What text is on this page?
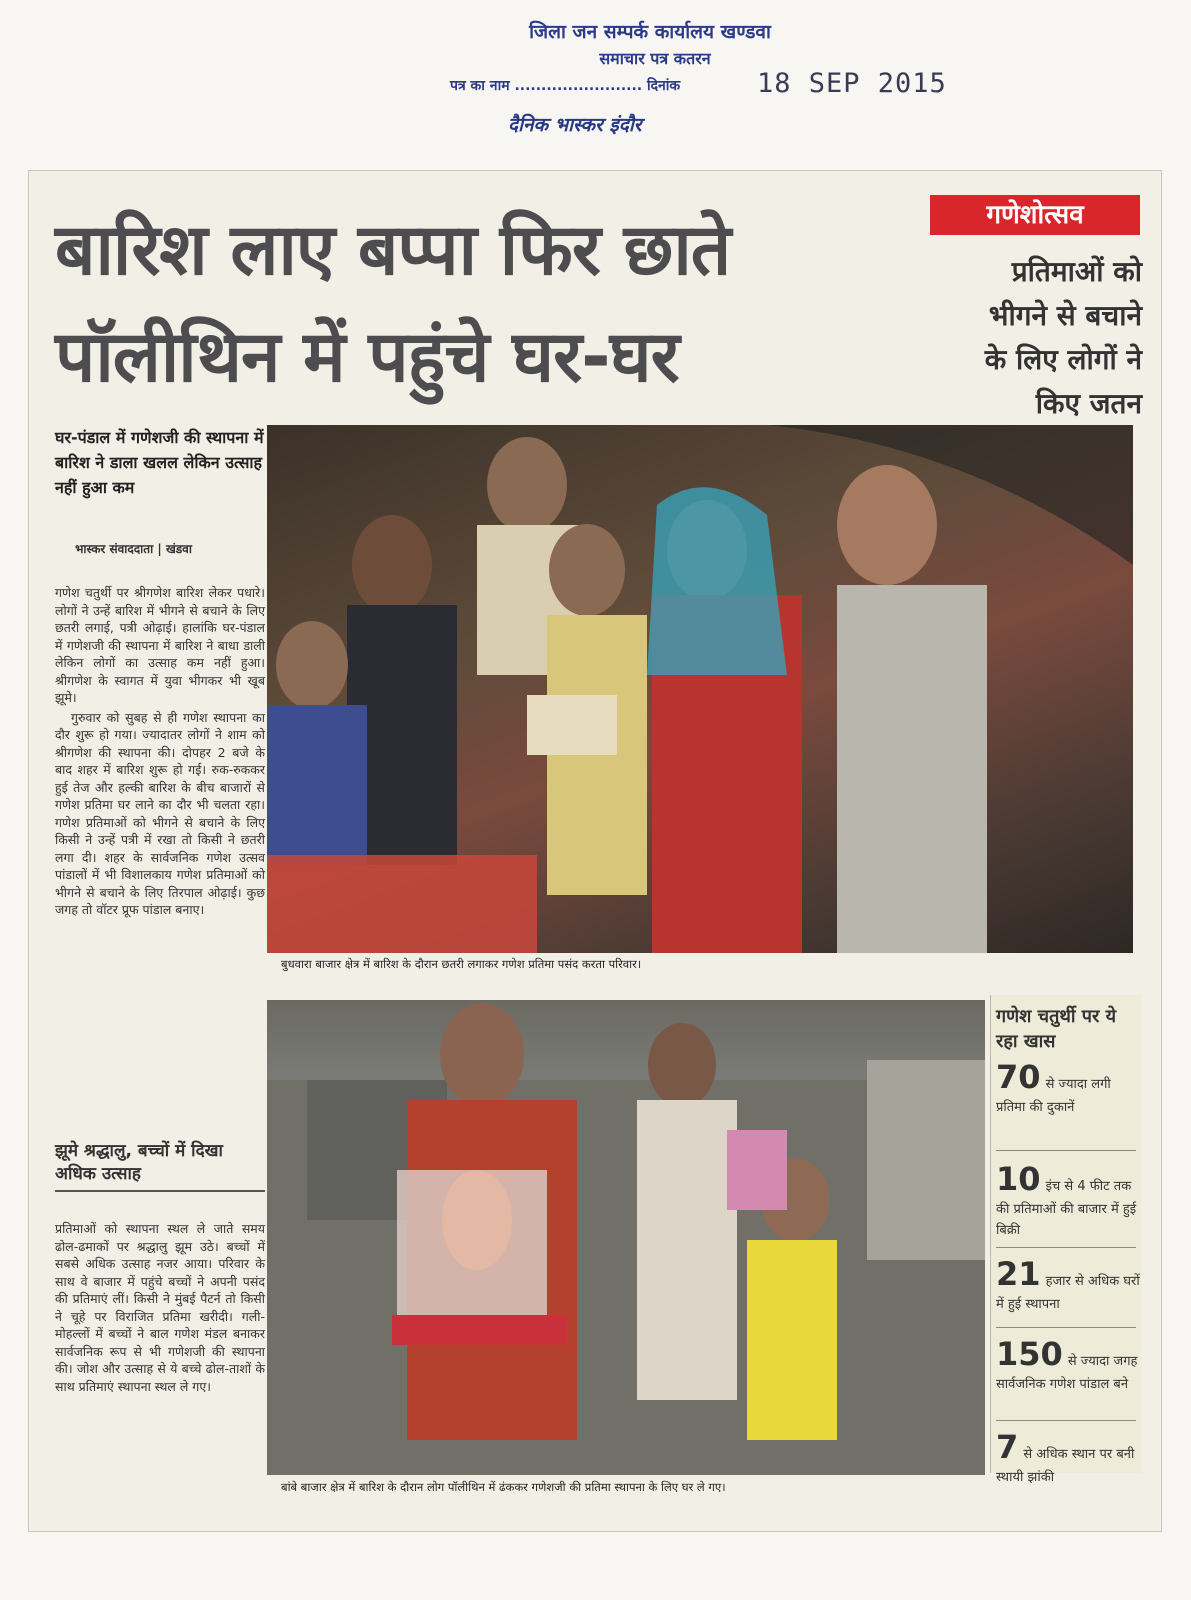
जिला जन सम्पर्क कार्यालय खण्डवा
समाचार पत्र कतरन
पत्र का नाम ........................ दिनांक	18 SEP 2015
दैनिक भास्कर इंदौर
बारिश लाए बप्पा फिर छाते
पॉलीथिन में पहुंचे घर-घर
गणेशोत्सव
प्रतिमाओं को
भीगने से बचाने
के लिए लोगों ने
किए जतन
घर-पंडाल में गणेशजी की स्थापना में बारिश ने डाला खलल लेकिन उत्साह नहीं हुआ कम
भास्कर संवाददाता | खंडवा

गणेश चतुर्थी पर श्रीगणेश बारिश लेकर पधारे। लोगों ने उन्हें बारिश में भीगने से बचाने के लिए छतरी लगाई, पत्री ओढ़ाई। हालांकि घर-पंडाल में गणेशजी की स्थापना में बारिश ने बाधा डाली लेकिन लोगों का उत्साह कम नहीं हुआ। श्रीगणेश के स्वागत में युवा भीगकर भी खूब झूमे।

गुरुवार को सुबह से ही गणेश स्थापना का दौर शुरू हो गया। ज्यादातर लोगों ने शाम को श्रीगणेश की स्थापना की। दोपहर 2 बजे के बाद शहर में बारिश शुरू हो गई। रुक-रुककर हुई तेज और हल्की बारिश के बीच बाजारों से गणेश प्रतिमा घर लाने का दौर भी चलता रहा। गणेश प्रतिमाओं को भीगने से बचाने के लिए किसी ने उन्हें पत्री में रखा तो किसी ने छतरी लगा दी। शहर के सार्वजनिक गणेश उत्सव पांडालों में भी विशालकाय गणेश प्रतिमाओं को भीगने से बचाने के लिए तिरपाल ओढ़ाई। कुछ जगह तो वॉटर प्रूफ पांडाल बनाए।

झूमे श्रद्धालु, बच्चों में दिखा अधिक उत्साह

प्रतिमाओं को स्थापना स्थल ले जाते समय ढोल-ढमाकों पर श्रद्धालु झूम उठे। बच्चों में सबसे अधिक उत्साह नजर आया। परिवार के साथ वे बाजार में पहुंचे बच्चों ने अपनी पसंद की प्रतिमाएं लीं। किसी ने मुंबई पैटर्न तो किसी ने चूहे पर विराजित प्रतिमा खरीदी। गली-मोहल्लों में बच्चों ने बाल गणेश मंडल बनाकर सार्वजनिक रूप से भी गणेशजी की स्थापना की। जोश और उत्साह से ये बच्चे ढोल-ताशों के साथ प्रतिमाएं स्थापना स्थल ले गए।

बुधवारा बाजार क्षेत्र में बारिश के दौरान छतरी लगाकर गणेश प्रतिमा पसंद करता परिवार।
बांबे बाजार क्षेत्र में बारिश के दौरान लोग पॉलीथिन में ढंककर गणेशजी की प्रतिमा स्थापना के लिए घर ले गए।
गणेश चतुर्थी पर ये रहा खास
70 से ज्यादा लगी प्रतिमा की दुकानें
10 इंच से 4 फीट तक की प्रतिमाओं की बाजार में हुई बिक्री
21 हजार से अधिक घरों में हुई स्थापना
150 से ज्यादा जगह सार्वजनिक गणेश पांडाल बने
7 से अधिक स्थान पर बनी स्थायी झांकी
